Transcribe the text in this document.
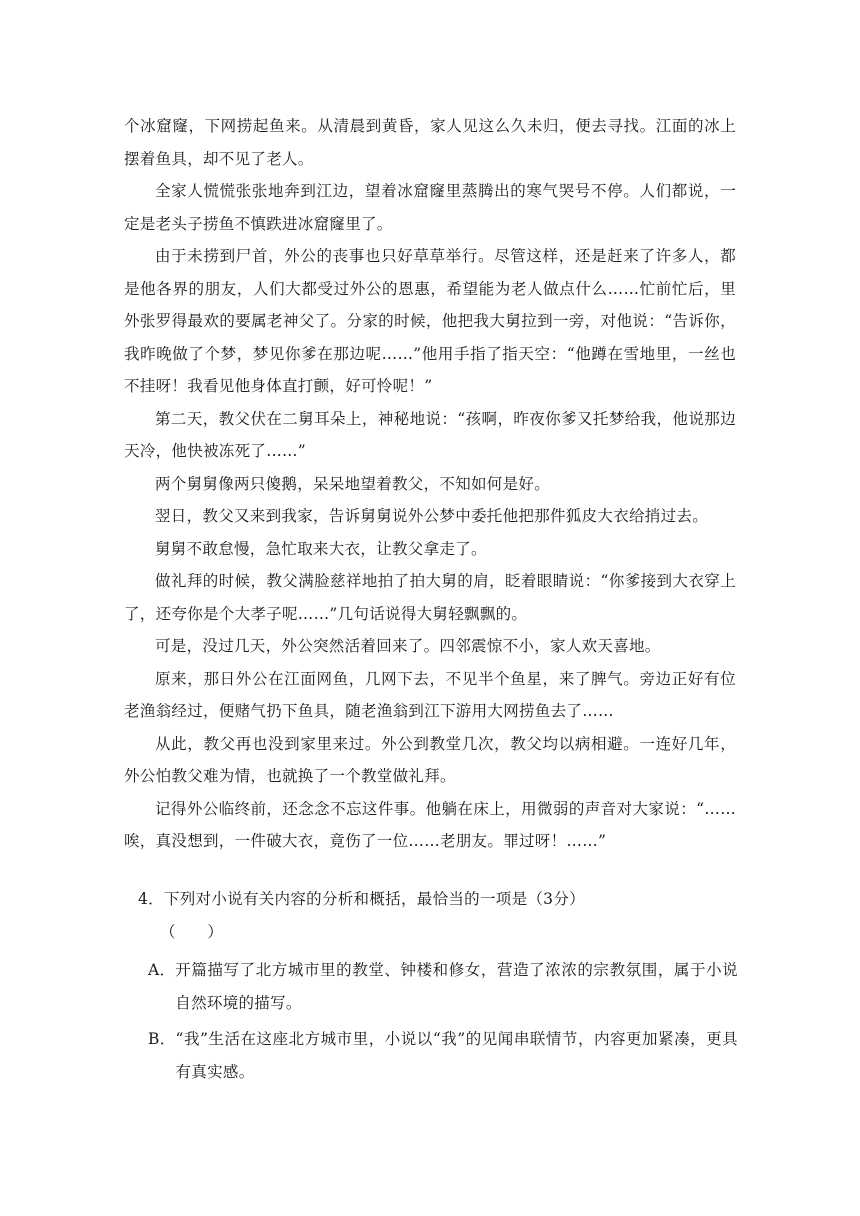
个冰窟窿，下网捞起鱼来。从清晨到黄昏，家人见这么久未归，便去寻找。江面的冰上摆着鱼具，却不见了老人。

全家人慌慌张张地奔到江边，望着冰窟窿里蒸腾出的寒气哭号不停。人们都说，一定是老头子捞鱼不慎跌进冰窟窿里了。

由于未捞到尸首，外公的丧事也只好草草举行。尽管这样，还是赶来了许多人，都是他各界的朋友，人们大都受过外公的恩惠，希望能为老人做点什么……忙前忙后，里外张罗得最欢的要属老神父了。分家的时候，他把我大舅拉到一旁，对他说：“告诉你，我昨晚做了个梦，梦见你爹在那边呢……”他用手指了指天空：“他蹲在雪地里，一丝也不挂呀！我看见他身体直打颤，好可怜呢！”

第二天，教父伏在二舅耳朵上，神秘地说：“孩啊，昨夜你爹又托梦给我，他说那边天冷，他快被冻死了……”

两个舅舅像两只傻鹅，呆呆地望着教父，不知如何是好。

翌日，教父又来到我家，告诉舅舅说外公梦中委托他把那件狐皮大衣给捎过去。

舅舅不敢怠慢，急忙取来大衣，让教父拿走了。

做礼拜的时候，教父满脸慈祥地拍了拍大舅的肩，眨着眼睛说：“你爹接到大衣穿上了，还夸你是个大孝子呢……”几句话说得大舅轻飘飘的。

可是，没过几天，外公突然活着回来了。四邻震惊不小，家人欢天喜地。

原来，那日外公在江面网鱼，几网下去，不见半个鱼星，来了脾气。旁边正好有位老渔翁经过，便赌气扔下鱼具，随老渔翁到江下游用大网捞鱼去了……

从此，教父再也没到家里来过。外公到教堂几次，教父均以病相避。一连好几年，外公怕教父难为情，也就换了一个教堂做礼拜。

记得外公临终前，还念念不忘这件事。他躺在床上，用微弱的声音对大家说：“……唉，真没想到，一件破大衣，竟伤了一位……老朋友。罪过呀！……”

4．下列对小说有关内容的分析和概括，最恰当的一项是（3分）

（　　）

A． 开篇描写了北方城市里的教堂、钟楼和修女，营造了浓浓的宗教氛围，属于小说自然环境的描写。
B． “我”生活在这座北方城市里，小说以“我”的见闻串联情节，内容更加紧凑，更具有真实感。
